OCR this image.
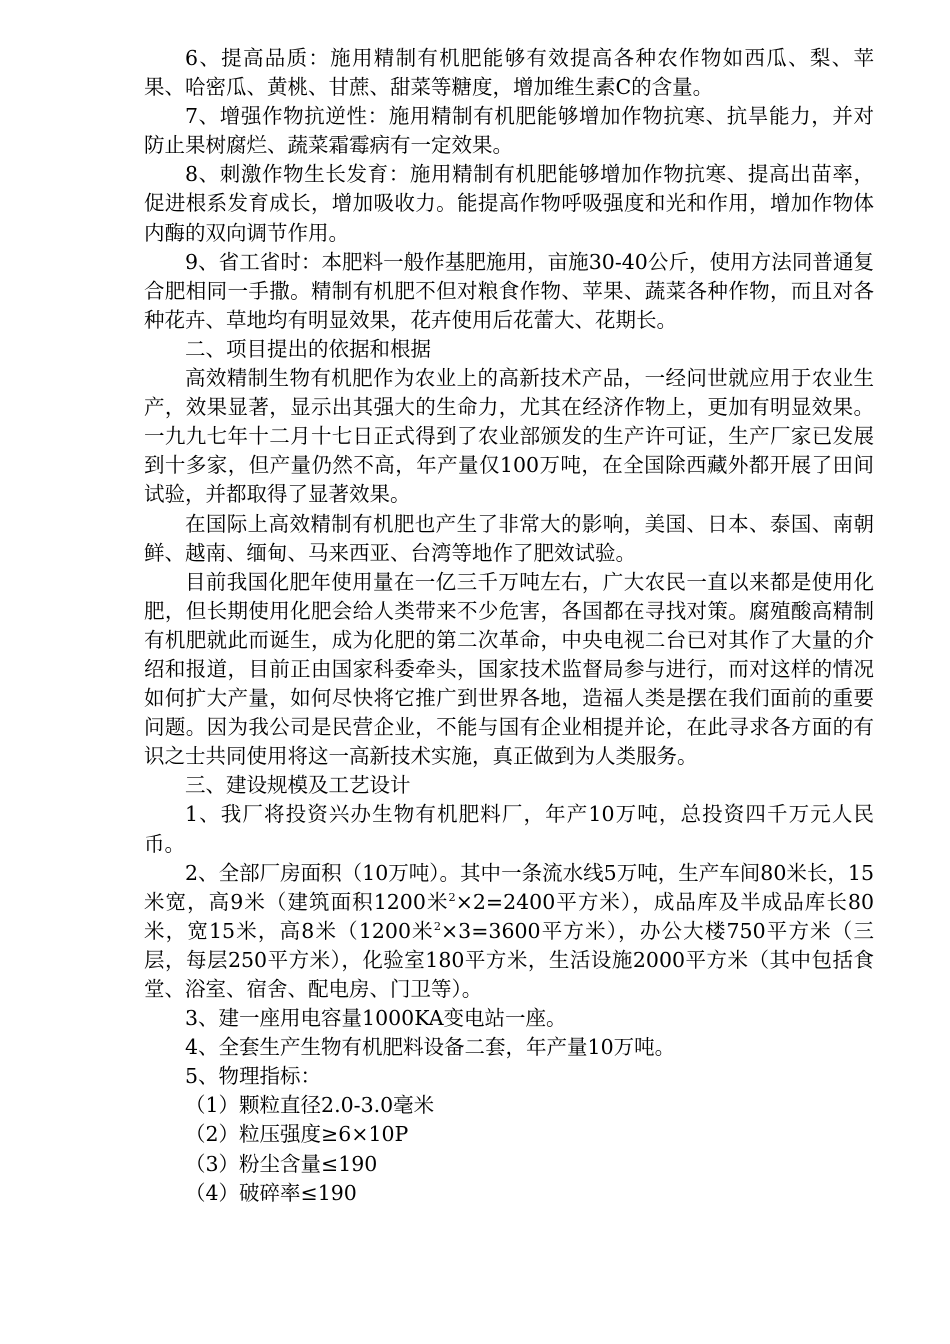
6、提高品质：施用精制有机肥能够有效提高各种农作物如西瓜、梨、苹果、哈密瓜、黄桃、甘蔗、甜菜等糖度，增加维生素C的含量。

7、增强作物抗逆性：施用精制有机肥能够增加作物抗寒、抗旱能力，并对防止果树腐烂、蔬菜霜霉病有一定效果。

8、刺激作物生长发育：施用精制有机肥能够增加作物抗寒、提高出苗率，促进根系发育成长，增加吸收力。能提高作物呼吸强度和光和作用，增加作物体内酶的双向调节作用。

9、省工省时：本肥料一般作基肥施用，亩施30-40公斤，使用方法同普通复合肥相同一手撒。精制有机肥不但对粮食作物、苹果、蔬菜各种作物，而且对各种花卉、草地均有明显效果，花卉使用后花蕾大、花期长。

二、项目提出的依据和根据

高效精制生物有机肥作为农业上的高新技术产品，一经问世就应用于农业生产，效果显著，显示出其强大的生命力，尤其在经济作物上，更加有明显效果。一九九七年十二月十七日正式得到了农业部颁发的生产许可证，生产厂家已发展到十多家，但产量仍然不高，年产量仅100万吨，在全国除西藏外都开展了田间试验，并都取得了显著效果。

在国际上高效精制有机肥也产生了非常大的影响，美国、日本、泰国、南朝鲜、越南、缅甸、马来西亚、台湾等地作了肥效试验。

目前我国化肥年使用量在一亿三千万吨左右，广大农民一直以来都是使用化肥，但长期使用化肥会给人类带来不少危害，各国都在寻找对策。腐殖酸高精制有机肥就此而诞生，成为化肥的第二次革命，中央电视二台已对其作了大量的介绍和报道，目前正由国家科委牵头，国家技术监督局参与进行，而对这样的情况如何扩大产量，如何尽快将它推广到世界各地，造福人类是摆在我们面前的重要问题。因为我公司是民营企业，不能与国有企业相提并论，在此寻求各方面的有识之士共同使用将这一高新技术实施，真正做到为人类服务。

三、建设规模及工艺设计

1、我厂将投资兴办生物有机肥料厂，年产10万吨，总投资四千万元人民币。

2、全部厂房面积（10万吨）。其中一条流水线5万吨，生产车间80米长，15米宽，高9米（建筑面积1200米$^2$×2=2400平方米），成品库及半成品库长80米，宽15米，高8米（1200米$^2$×3=3600平方米），办公大楼750平方米（三层，每层250平方米），化验室180平方米，生活设施2000平方米（其中包括食堂、浴室、宿舍、配电房、门卫等）。

3、建一座用电容量1000KA变电站一座。

4、全套生产生物有机肥料设备二套，年产量10万吨。

5、物理指标：

（1）颗粒直径2.0-3.0毫米

（2）粒压强度≥6×10P

（3）粉尘含量≤190

（4）破碎率≤190
